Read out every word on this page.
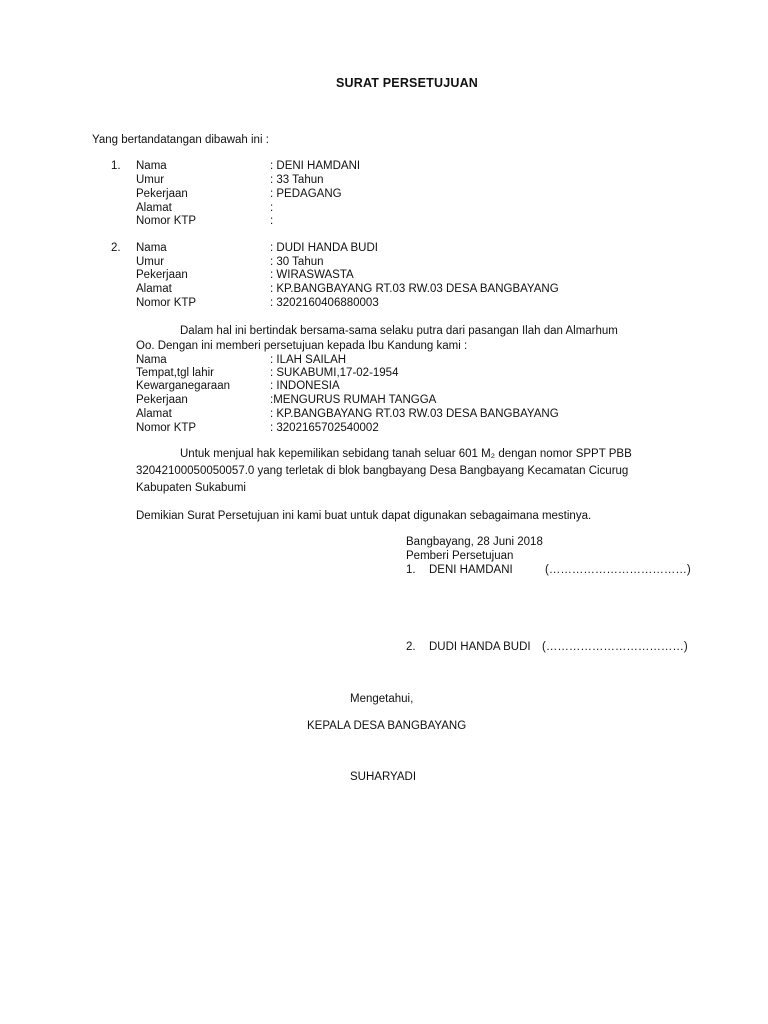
SURAT PERSETUJUAN
Yang bertandatangan dibawah ini :
1. Nama	: DENI HAMDANI
Umur	: 33 Tahun
Pekerjaan	: PEDAGANG
Alamat	:
Nomor KTP	:
2. Nama	: DUDI HANDA BUDI
Umur	: 30 Tahun
Pekerjaan	: WIRASWASTA
Alamat	: KP.BANGBAYANG RT.03 RW.03 DESA BANGBAYANG
Nomor KTP	: 3202160406880003
Dalam hal ini bertindak bersama-sama selaku putra dari pasangan Ilah dan Almarhum
Oo. Dengan ini memberi persetujuan kepada Ibu Kandung kami :
Nama	: ILAH SAILAH
Tempat,tgl lahir	: SUKABUMI,17-02-1954
Kewarganegaraan	: INDONESIA
Pekerjaan	:MENGURUS RUMAH TANGGA
Alamat	: KP.BANGBAYANG RT.03 RW.03 DESA BANGBAYANG
Nomor KTP	: 3202165702540002
Untuk menjual hak kepemilikan sebidang tanah seluar 601 M₂ dengan nomor SPPT PBB
32042100050050057.0 yang terletak di blok bangbayang Desa Bangbayang Kecamatan Cicurug
Kabupaten Sukabumi
Demikian Surat Persetujuan ini kami buat untuk dapat digunakan sebagaimana mestinya.
Bangbayang, 28 Juni 2018
Pemberi Persetujuan
1. DENI HAMDANI	(………………………………)
2. DUDI HANDA BUDI (………………………………)
Mengetahui,
KEPALA DESA BANGBAYANG
SUHARYADI
